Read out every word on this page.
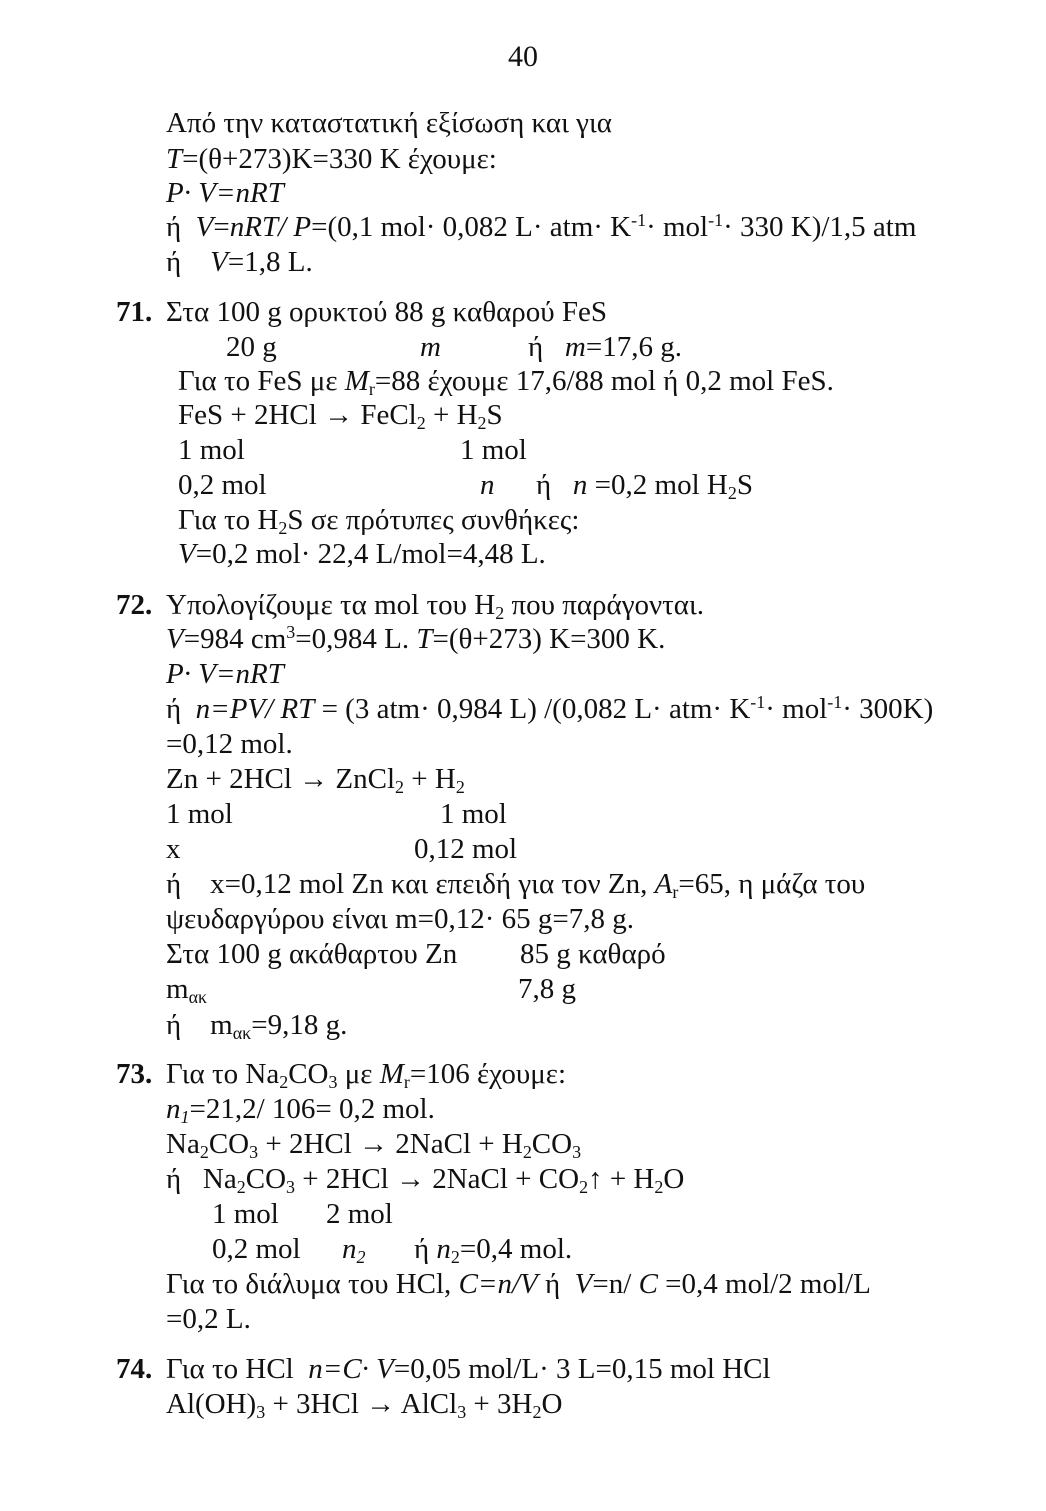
40
Από την καταστατική εξίσωση και για
T=(θ+273)K=330 K έχουμε:
P· V=nRT
ή V=nRT/ P=(0,1 mol· 0,082 $L\cdot atm\cdot K^{-1}\cdot mol^{-1}\cdot 330$ K)/1,5 atm
ή V=1,8 L.
71. Στα 100 g ορυκτού 88 g καθαρού FeS
20 g	m	ή m=17,6 g.
Για το FeS με $M_r=88$ έχουμε 17,6/88 mol ή 0,2 mol FeS.
FeS + 2HCl → FeCl$_2$ + $H_2S$
1 mol	1 mol
0,2 mol	n ή n =0,2 mol $H_2S$
Για το $H_2S$ σε πρότυπες συνθήκες:
V=0,2 mol· 22,4 L/mol=4,48 L.
72. Υπολογίζουμε τα mol του $H_2$ που παράγονται.
V=984 $cm^3=0,984$ L. T=(θ+273) K=300 K.
P· V=nRT
ή n=PV/ RT = (3 atm· 0,984 L) /(0,082 $L\cdot atm\cdot K^{-1}\cdot mol^{-1}\cdot 300K$)
=0,12 mol.
Zn + 2HCl → ZnCl$_2$ + $H_2$
1 mol	1 mol
x	0,12 mol
ή x=0,12 mol Zn και επειδή για τον Zn, $A_r=65$, η μάζα του
ψευδαργύρου είναι m=0,12· 65 g=7,8 g.
Στα 100 g ακάθαρτου Zn 85 g καθαρό
$m_{\alpha\kappa}$	7,8 g
ή $m_{\alpha\kappa}=9,18$ g.
73. Για το $Na_2CO_3$ με $M_r=106$ έχουμε:
$n_1=21,2/$ 106= 0,2 mol.
$Na_2CO_3 + 2HCl$ → 2NaCl + $H_2CO_3$
ή $Na_2CO_3 + 2HCl$ → 2NaCl + $CO_2↑ + H_2O$
1 mol 2 mol
0,2 mol $n_2$ ή $n_2=0,4$ mol.
Για το διάλυμα του HCl, C=n/V ή V=n/ C =0,4 mol/2 mol/L
=0,2 L.
74. Για το HCl n=C· V=0,05 mol/L· 3 L=0,15 mol HCl
$Al(OH)_3 + 3HCl$ → AlCl$_3$ + $3H_2O$
